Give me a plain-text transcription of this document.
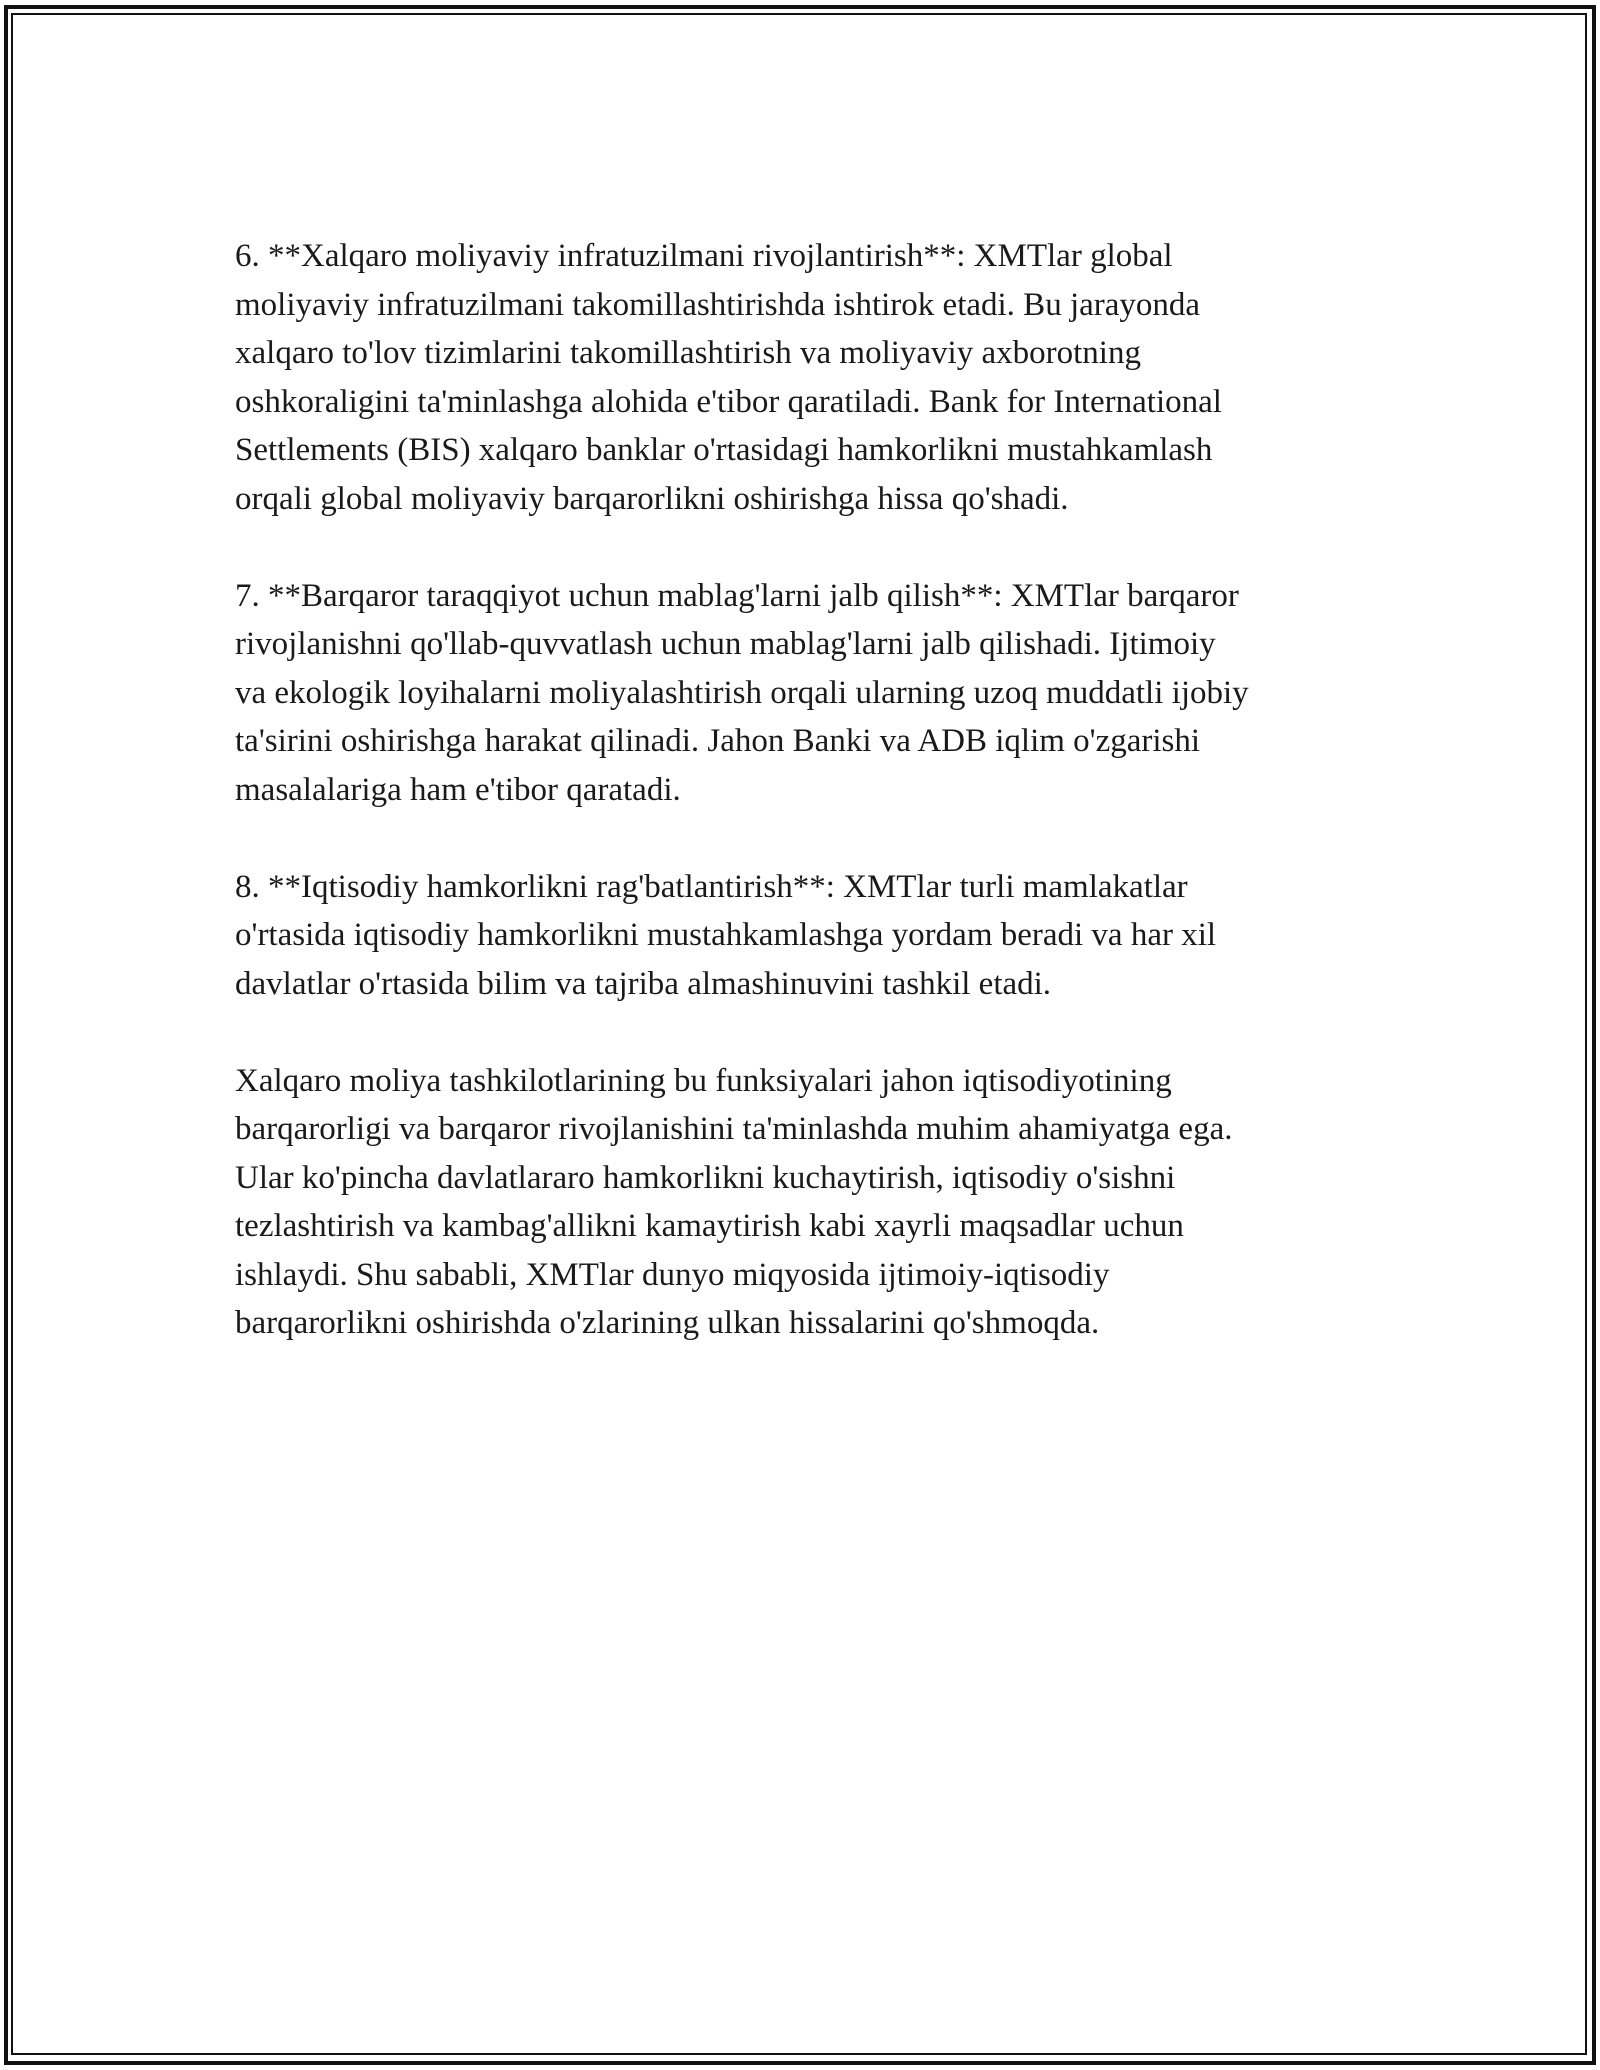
6. **Xalqaro moliyaviy infratuzilmani rivojlantirish**: XMTlar global
moliyaviy infratuzilmani takomillashtirishda ishtirok etadi. Bu jarayonda
xalqaro to'lov tizimlarini takomillashtirish va moliyaviy axborotning
oshkoraligini ta'minlashga alohida e'tibor qaratiladi. Bank for International
Settlements (BIS) xalqaro banklar o'rtasidagi hamkorlikni mustahkamlash
orqali global moliyaviy barqarorlikni oshirishga hissa qo'shadi.

7. **Barqaror taraqqiyot uchun mablag'larni jalb qilish**: XMTlar barqaror
rivojlanishni qo'llab-quvvatlash uchun mablag'larni jalb qilishadi. Ijtimoiy
va ekologik loyihalarni moliyalashtirish orqali ularning uzoq muddatli ijobiy
ta'sirini oshirishga harakat qilinadi. Jahon Banki va ADB iqlim o'zgarishi
masalalariga ham e'tibor qaratadi.

8. **Iqtisodiy hamkorlikni rag'batlantirish**: XMTlar turli mamlakatlar
o'rtasida iqtisodiy hamkorlikni mustahkamlashga yordam beradi va har xil
davlatlar o'rtasida bilim va tajriba almashinuvini tashkil etadi.

Xalqaro moliya tashkilotlarining bu funksiyalari jahon iqtisodiyotining
barqarorligi va barqaror rivojlanishini ta'minlashda muhim ahamiyatga ega.
Ular ko'pincha davlatlararo hamkorlikni kuchaytirish, iqtisodiy o'sishni
tezlashtirish va kambag'allikni kamaytirish kabi xayrli maqsadlar uchun
ishlaydi. Shu sababli, XMTlar dunyo miqyosida ijtimoiy-iqtisodiy
barqarorlikni oshirishda o'zlarining ulkan hissalarini qo'shmoqda.
